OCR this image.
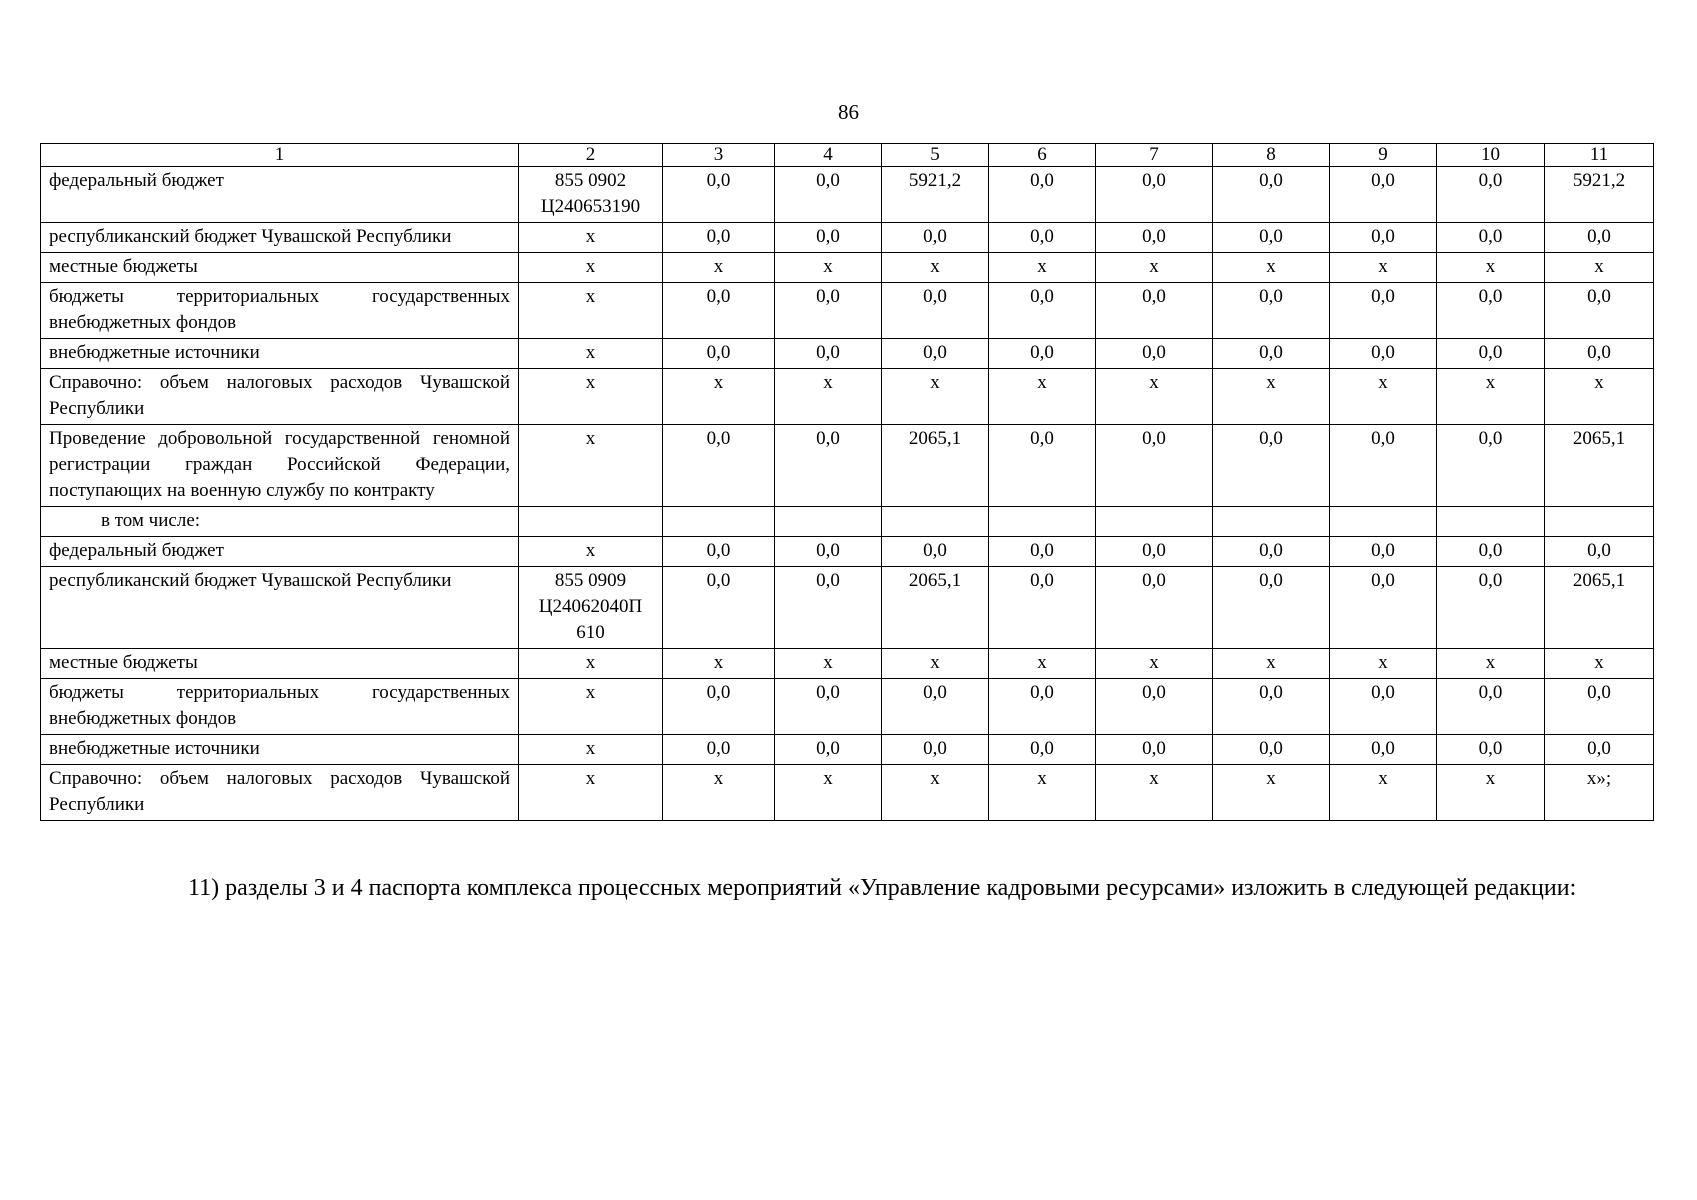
86
1	2	3	4	5	6	7	8	9	10	11
федеральный бюджет	855 0902 Ц240653190	0,0	0,0	5921,2	0,0	0,0	0,0	0,0	0,0	5921,2
республиканский бюджет Чувашской Республики	х	0,0	0,0	0,0	0,0	0,0	0,0	0,0	0,0	0,0
местные бюджеты	х	х	х	х	х	х	х	х	х	х
бюджеты территориальных государственных внебюджетных фондов	х	0,0	0,0	0,0	0,0	0,0	0,0	0,0	0,0	0,0
внебюджетные источники	х	0,0	0,0	0,0	0,0	0,0	0,0	0,0	0,0	0,0
Справочно: объем налоговых расходов Чувашской Республики	х	х	х	х	х	х	х	х	х	х
Проведение добровольной государственной геномной регистрации граждан Российской Федерации, поступающих на военную службу по контракту	х	0,0	0,0	2065,1	0,0	0,0	0,0	0,0	0,0	2065,1
в том числе:										
федеральный бюджет	х	0,0	0,0	0,0	0,0	0,0	0,0	0,0	0,0	0,0
республиканский бюджет Чувашской Республики	855 0909 Ц24062040П 610	0,0	0,0	2065,1	0,0	0,0	0,0	0,0	0,0	2065,1
местные бюджеты	х	х	х	х	х	х	х	х	х	х
бюджеты территориальных государственных внебюджетных фондов	х	0,0	0,0	0,0	0,0	0,0	0,0	0,0	0,0	0,0
внебюджетные источники	х	0,0	0,0	0,0	0,0	0,0	0,0	0,0	0,0	0,0
Справочно: объем налоговых расходов Чувашской Республики	х	х	х	х	х	х	х	х	х	х»;
11) разделы 3 и 4 паспорта комплекса процессных мероприятий «Управление кадровыми ресурсами» изложить в следующей редакции:
